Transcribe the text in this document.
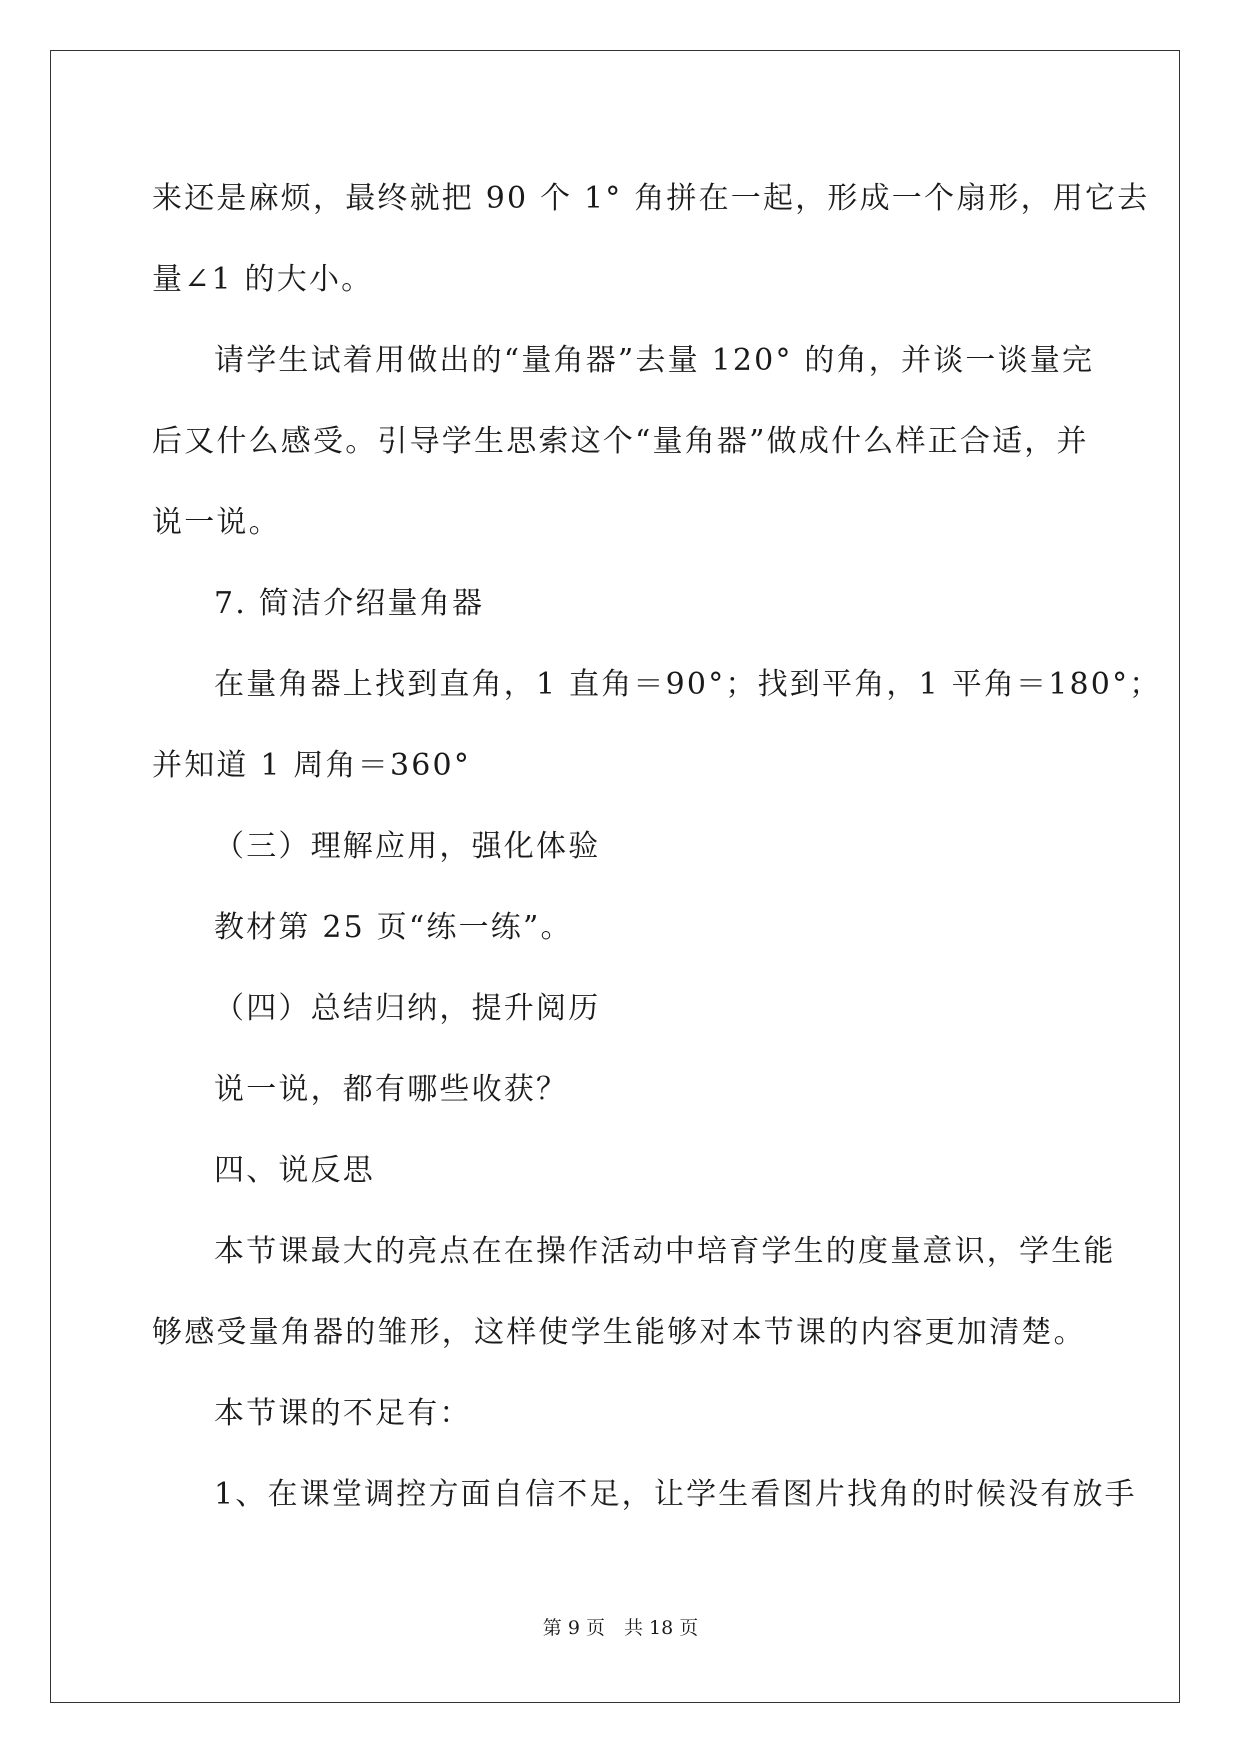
来还是麻烦，最终就把 90 个 1° 角拼在一起，形成一个扇形，用它去
量∠1 的大小。
请学生试着用做出的“量角器”去量 120° 的角，并谈一谈量完
后又什么感受。引导学生思索这个“量角器”做成什么样正合适，并
说一说。
7. 简洁介绍量角器
在量角器上找到直角，1 直角＝90°；找到平角，1 平角＝180°；
并知道 1 周角＝360°
（三）理解应用，强化体验
教材第 25 页“练一练”。
（四）总结归纳，提升阅历
说一说，都有哪些收获？
四、说反思
本节课最大的亮点在在操作活动中培育学生的度量意识，学生能
够感受量角器的雏形，这样使学生能够对本节课的内容更加清楚。
本节课的不足有：
1、在课堂调控方面自信不足，让学生看图片找角的时候没有放手
第 9 页　共 18 页
